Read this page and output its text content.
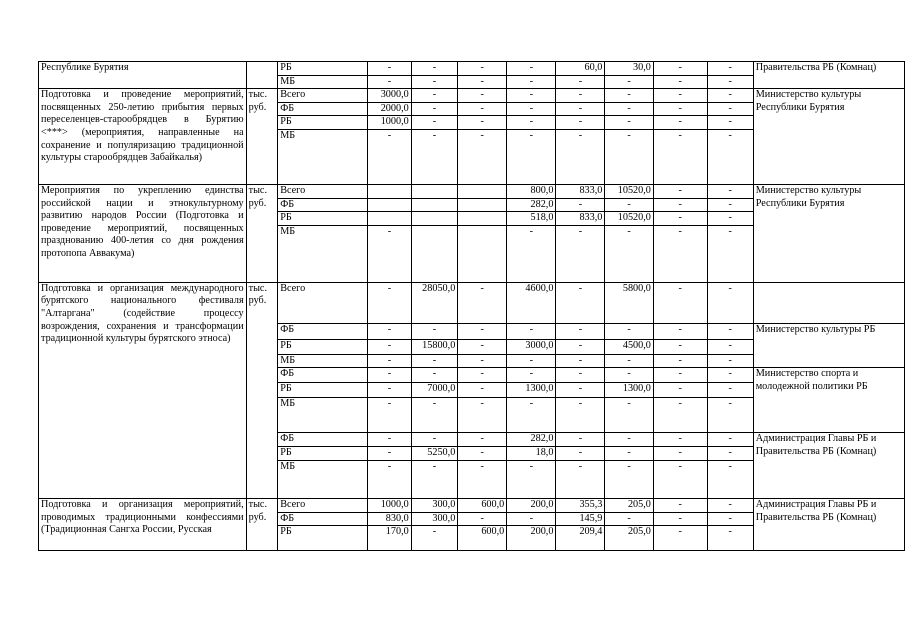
Республике Бурятия		РБ	-	-	-	-	60,0	30,0	-	-	Правительства РБ (Комнац)
		МБ	-	-	-	-	-	-	-	-	
Подготовка и проведение мероприятий, посвященных 250-летию прибытия первых переселенцев-старообрядцев в Бурятию <***> (мероприятия, направленные на сохранение и популяризацию традиционной культуры старообрядцев Забайкалья)	тыс. руб.	Всего	3000,0	-	-	-	-	-	-	-	Министерство культуры Республики Бурятия
		ФБ	2000,0	-	-	-	-	-	-	-	
		РБ	1000,0	-	-	-	-	-	-	-	
		МБ	-	-	-	-	-	-	-	-	
Мероприятия по укреплению единства российской нации и этнокультурному развитию народов России (Подготовка и проведение мероприятий, посвященных празднованию 400-летия со дня рождения протопопа Аввакума)	тыс. руб.	Всего				800,0	833,0	10520,0	-	-	Министерство культуры Республики Бурятия
		ФБ				282,0	-	-	-	-	
		РБ				518,0	833,0	10520,0	-	-	
		МБ	-			-	-	-	-	-	
Подготовка и организация международного бурятского национального фестиваля "Алтаргана" (содействие процессу возрождения, сохранения и трансформации традиционной культуры бурятского этноса)	тыс. руб.	Всего	-	28050,0	-	4600,0	-	5800,0	-	-	
		ФБ	-	-	-	-	-	-	-	-	Министерство культуры РБ
		РБ	-	15800,0	-	3000,0	-	4500,0	-	-	
		МБ	-	-	-	-	-	-	-	-	
		ФБ	-	-	-	-	-	-	-	-	Министерство спорта и молодежной политики РБ
		РБ	-	7000,0	-	1300,0	-	1300,0	-	-	
		МБ	-	-	-	-	-	-	-	-	
		ФБ	-	-	-	282,0	-	-	-	-	Администрация Главы РБ и Правительства РБ (Комнац)
		РБ	-	5250,0	-	18,0	-	-	-	-	
		МБ	-	-	-	-	-	-	-	-	
Подготовка и организация мероприятий, проводимых традиционными конфессиями (Традиционная Сангха России, Русская	тыс. руб.	Всего	1000,0	300,0	600,0	200,0	355,3	205,0	-	-	Администрация Главы РБ и Правительства РБ (Комнац)
		ФБ	830,0	300,0	-	-	145,9	-	-	-	
		РБ	170,0	-	600,0	200,0	209,4	205,0	-	-	
